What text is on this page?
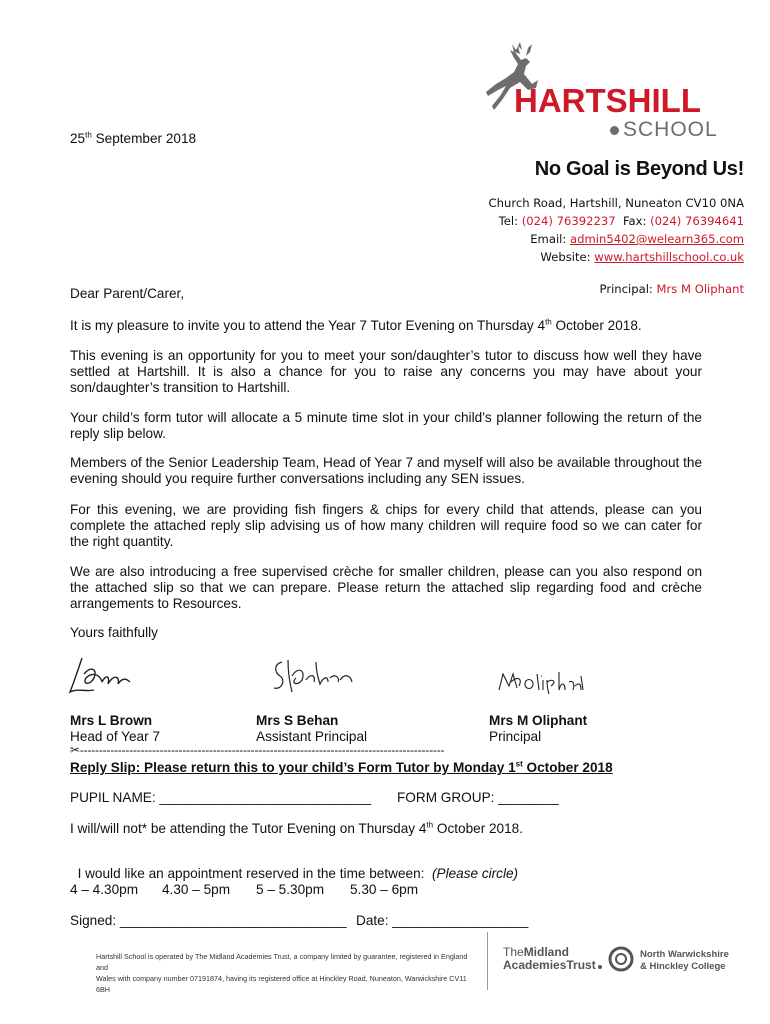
HARTSHILL
SCHOOL
25th September 2018
No Goal is Beyond Us!
Church Road, Hartshill, Nuneaton CV10 0NA
Tel: (024) 76392237  Fax: (024) 76394641
Email: admin5402@welearn365.com
Website: www.hartshillschool.co.uk
Principal: Mrs M Oliphant
Dear Parent/Carer,
It is my pleasure to invite you to attend the Year 7 Tutor Evening on Thursday 4th October 2018.
This evening is an opportunity for you to meet your son/daughter’s tutor to discuss how well they have settled at Hartshill. It is also a chance for you to raise any concerns you may have about your son/daughter’s transition to Hartshill.
Your child’s form tutor will allocate a 5 minute time slot in your child’s planner following the return of the reply slip below.
Members of the Senior Leadership Team, Head of Year 7 and myself will also be available throughout the evening should you require further conversations including any SEN issues.
For this evening, we are providing fish fingers & chips for every child that attends, please can you complete the attached reply slip advising us of how many children will require food so we can cater for the right quantity.
We are also introducing a free supervised crèche for smaller children, please can you also respond on the attached slip so that we can prepare. Please return the attached slip regarding food and crèche arrangements to Resources.
Yours faithfully
Mrs L Brown
Head of Year 7
Mrs S Behan
Assistant Principal
Mrs M Oliphant
Principal
✂------------------------------------------------------------------------------------------------
Reply Slip: Please return this to your child’s Form Tutor by Monday 1st October 2018
PUPIL NAME: ____________________________ FORM GROUP: ________
I will/will not* be attending the Tutor Evening on Thursday 4th October 2018.

I would like an appointment reserved in the time between:  (Please circle)

4 – 4.30pm 4.30 – 5pm 5 – 5.30pm 5.30 – 6pm
Signed: ______________________________ Date: __________________
Hartshill School is operated by The Midland Academies Trust, a company limited by guarantee, registered in England and
Wales with company number 07191874, having its registered office at Hinckley Road, Nuneaton, Warwickshire CV11 6BH
TheMidland
AcademiesTrust
North Warwickshire
& Hinckley College
